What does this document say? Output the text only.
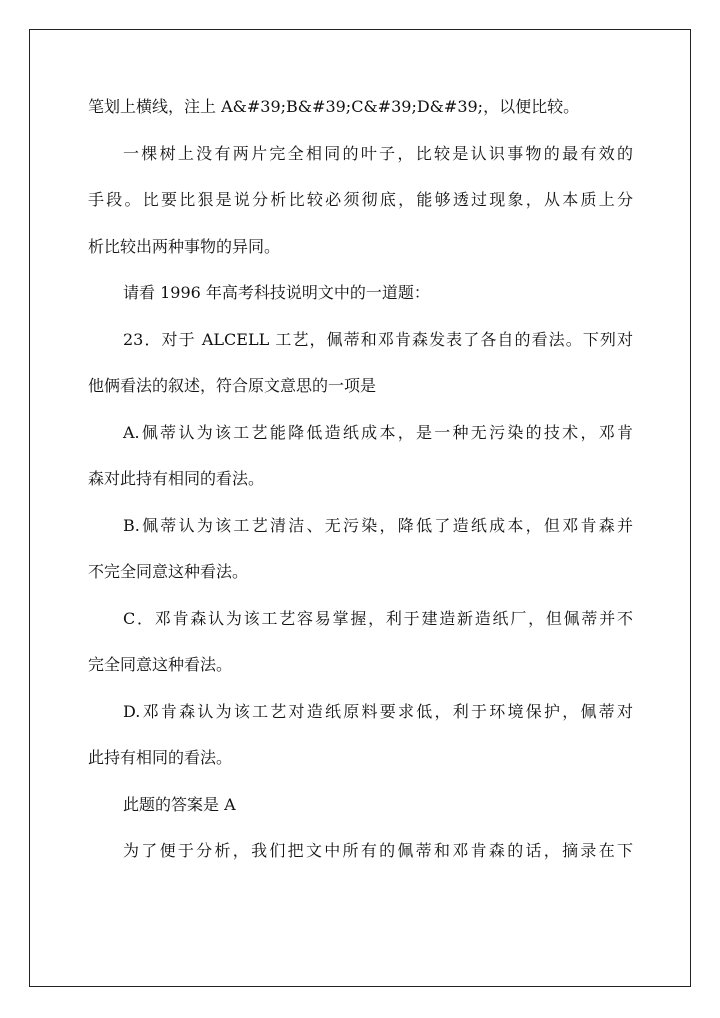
笔划上横线，注上 A&#39;B&#39;C&#39;D&#39;，以便比较。
一棵树上没有两片完全相同的叶子，比较是认识事物的最有效的
手段。比要比狠是说分析比较必须彻底，能够透过现象，从本质上分
析比较出两种事物的异同。
请看 1996 年高考科技说明文中的一道题：
23．对于 ALCELL 工艺，佩蒂和邓肯森发表了各自的看法。下列对
他俩看法的叙述，符合原文意思的一项是
A.佩蒂认为该工艺能降低造纸成本，是一种无污染的技术，邓肯
森对此持有相同的看法。
B.佩蒂认为该工艺清洁、无污染，降低了造纸成本，但邓肯森并
不完全同意这种看法。
C．邓肯森认为该工艺容易掌握，利于建造新造纸厂，但佩蒂并不
完全同意这种看法。
D.邓肯森认为该工艺对造纸原料要求低，利于环境保护，佩蒂对
此持有相同的看法。
此题的答案是 A
为了便于分析，我们把文中所有的佩蒂和邓肯森的话，摘录在下
